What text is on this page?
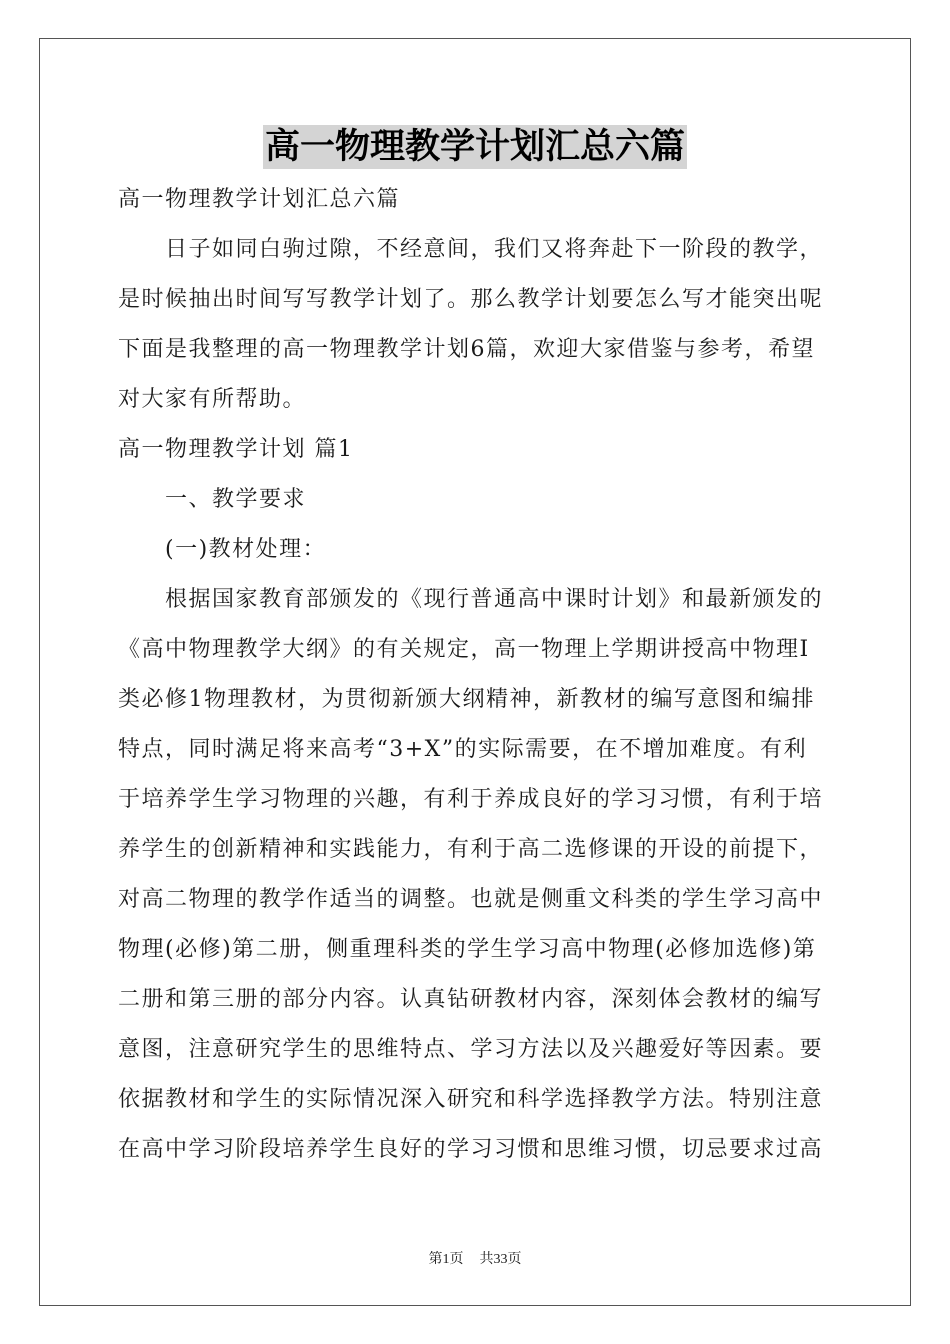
高一物理教学计划汇总六篇
高一物理教学计划汇总六篇
日子如同白驹过隙，不经意间，我们又将奔赴下一阶段的教学，
是时候抽出时间写写教学计划了。那么教学计划要怎么写才能突出呢
下面是我整理的高一物理教学计划6篇，欢迎大家借鉴与参考，希望
对大家有所帮助。
高一物理教学计划 篇1
一、教学要求
(一)教材处理：
根据国家教育部颁发的《现行普通高中课时计划》和最新颁发的
《高中物理教学大纲》的有关规定，高一物理上学期讲授高中物理Ⅰ
类必修1物理教材，为贯彻新颁大纲精神，新教材的编写意图和编排
特点，同时满足将来高考“3+X”的实际需要，在不增加难度。有利
于培养学生学习物理的兴趣，有利于养成良好的学习习惯，有利于培
养学生的创新精神和实践能力，有利于高二选修课的开设的前提下，
对高二物理的教学作适当的调整。也就是侧重文科类的学生学习高中
物理(必修)第二册，侧重理科类的学生学习高中物理(必修加选修)第
二册和第三册的部分内容。认真钻研教材内容，深刻体会教材的编写
意图，注意研究学生的思维特点、学习方法以及兴趣爱好等因素。要
依据教材和学生的实际情况深入研究和科学选择教学方法。特别注意
在高中学习阶段培养学生良好的学习习惯和思维习惯，切忌要求过高
第1页 共33页
